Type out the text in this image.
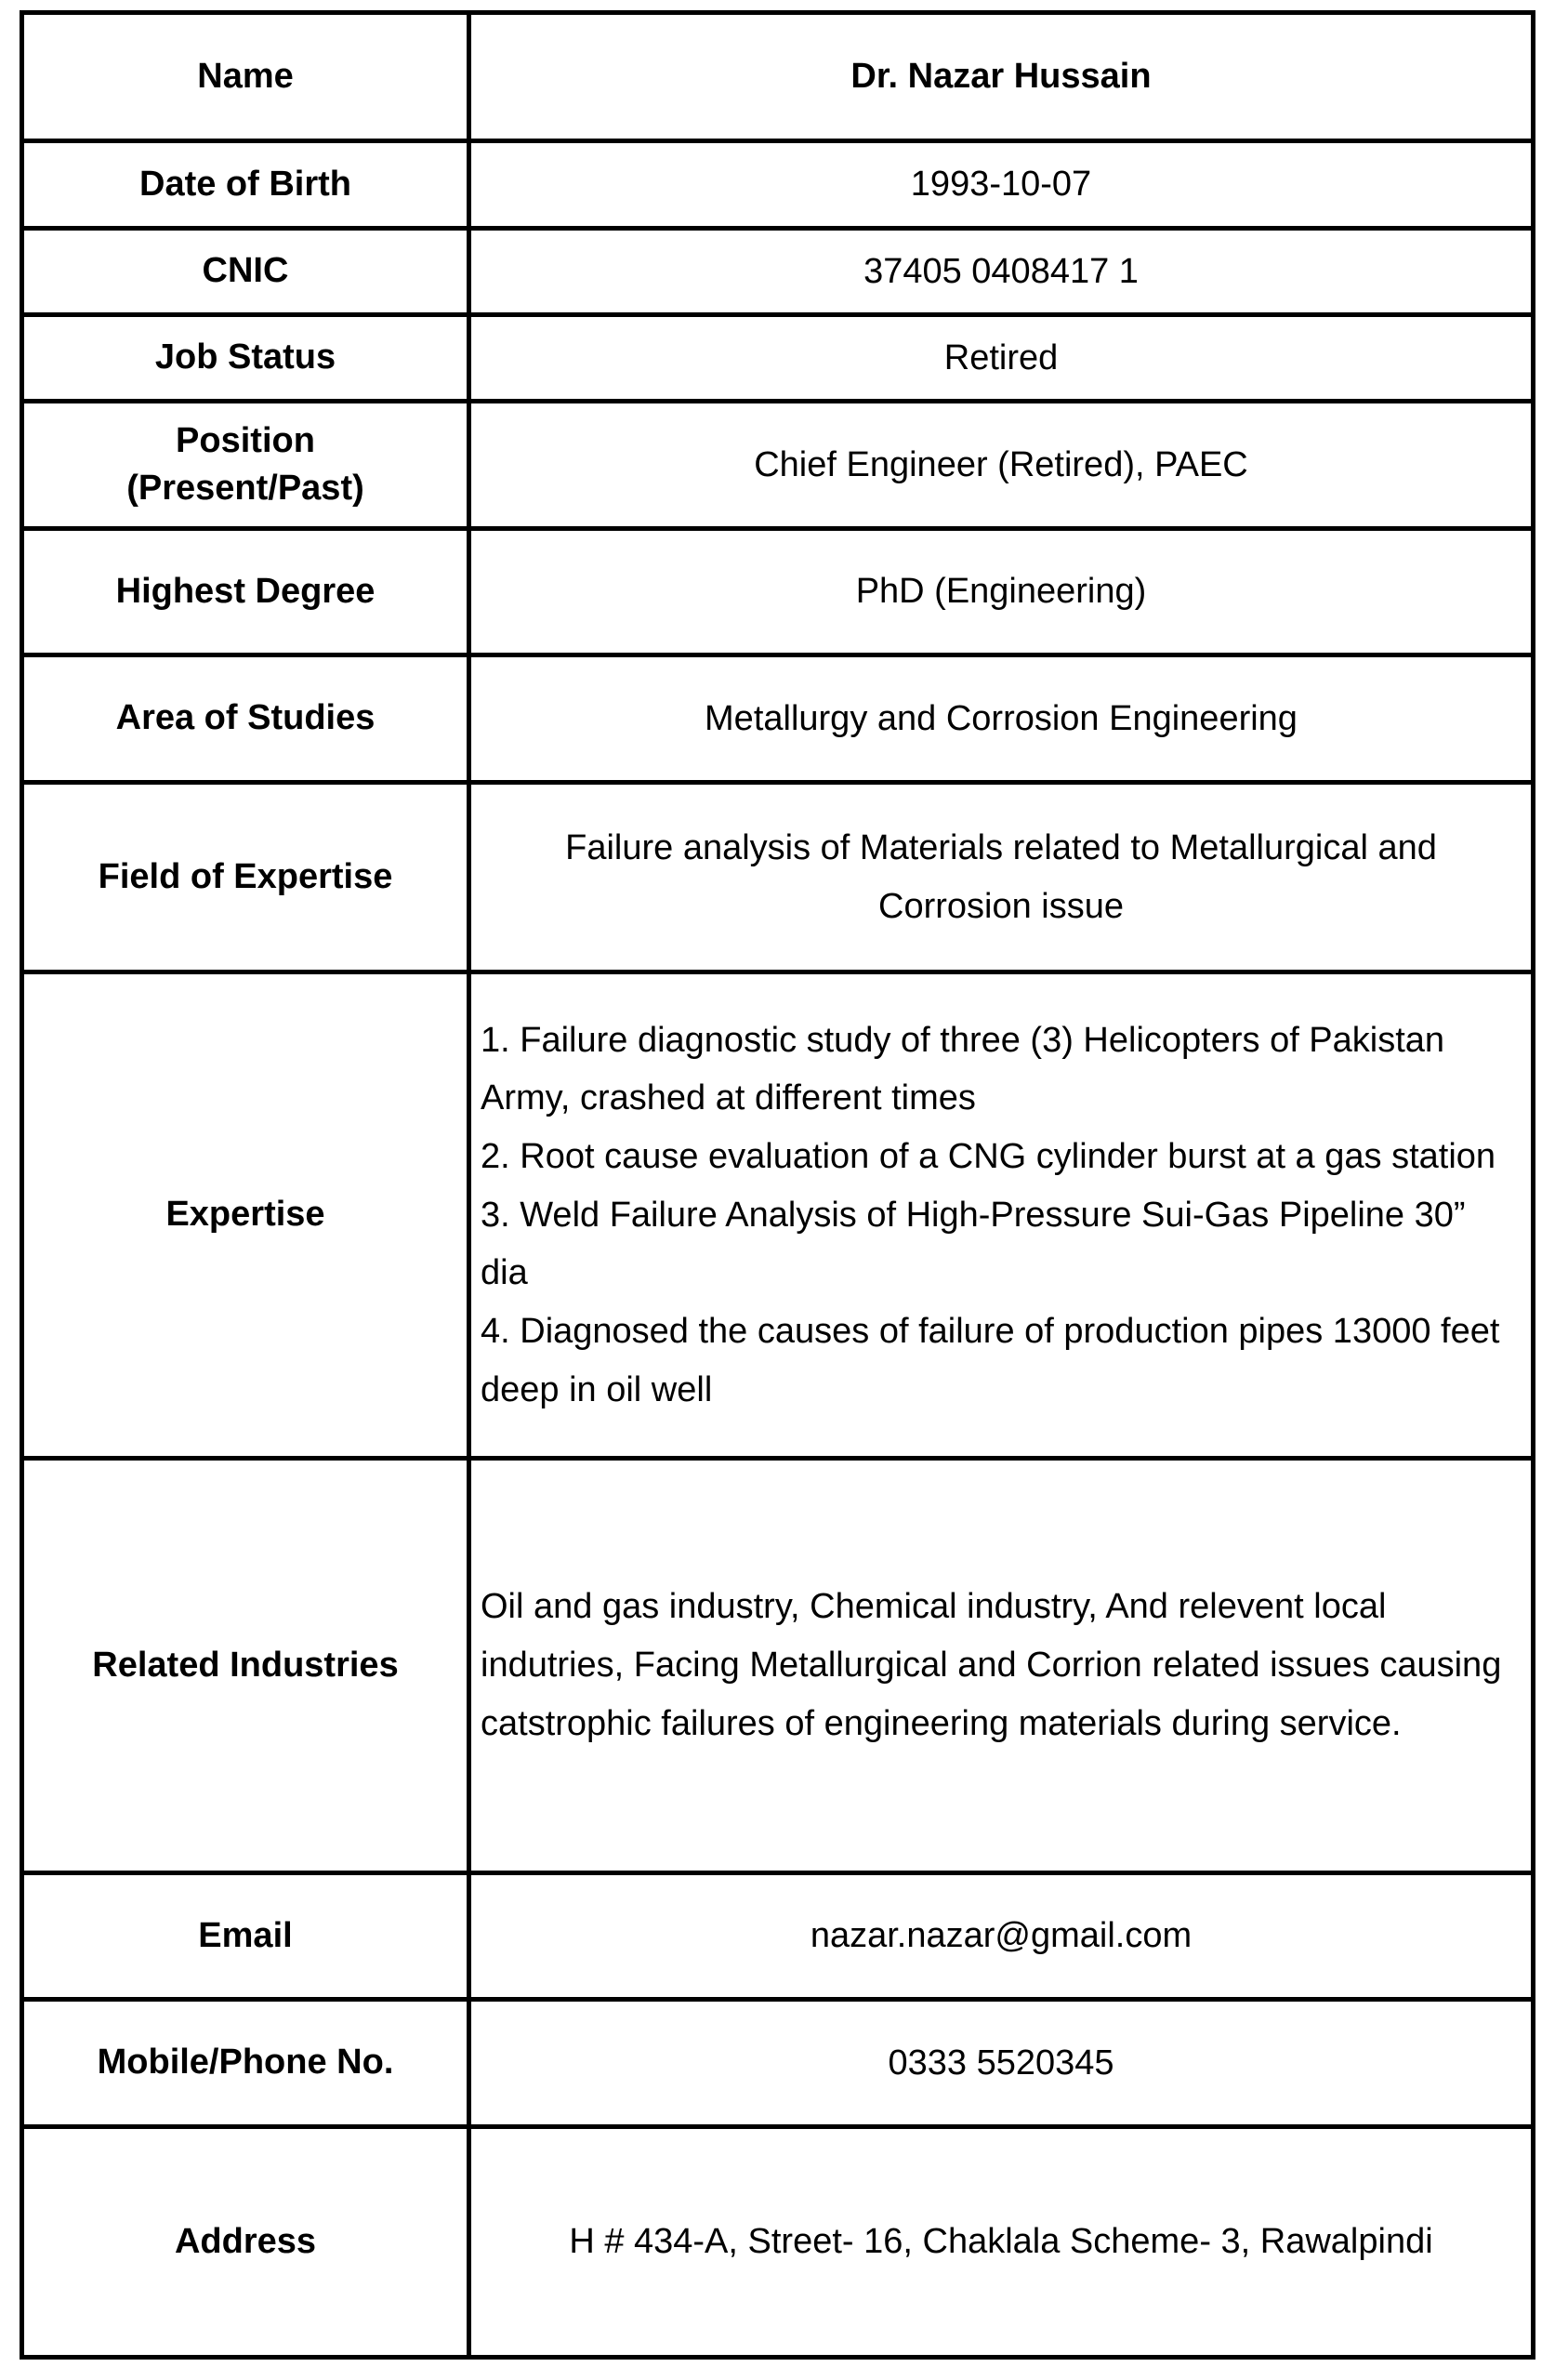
Name	Dr. Nazar Hussain
Date of Birth	1993-10-07
CNIC	37405 0408417 1
Job Status	Retired

Position
(Present/Past)	Chief Engineer (Retired), PAEC
Highest Degree	PhD (Engineering)
Area of Studies	Metallurgy and Corrosion Engineering
Field of Expertise	Failure analysis of Materials related to Metallurgical and Corrosion issue

Expertise	1. Failure diagnostic study of three (3) Helicopters of Pakistan Army, crashed at different times
2. Root cause evaluation of a CNG cylinder burst at a gas station
3. Weld Failure Analysis of High-Pressure Sui-Gas Pipeline 30” dia
4. Diagnosed the causes of failure of production pipes 13000 feet deep in oil well

Related Industries	Oil and gas industry, Chemical industry, And relevent local indutries, Facing Metallurgical and Corrion related issues causing catstrophic failures of engineering materials during service.
Email	nazar.nazar@gmail.com
Mobile/Phone No.	0333 5520345
Address	H # 434-A, Street- 16, Chaklala Scheme- 3, Rawalpindi
